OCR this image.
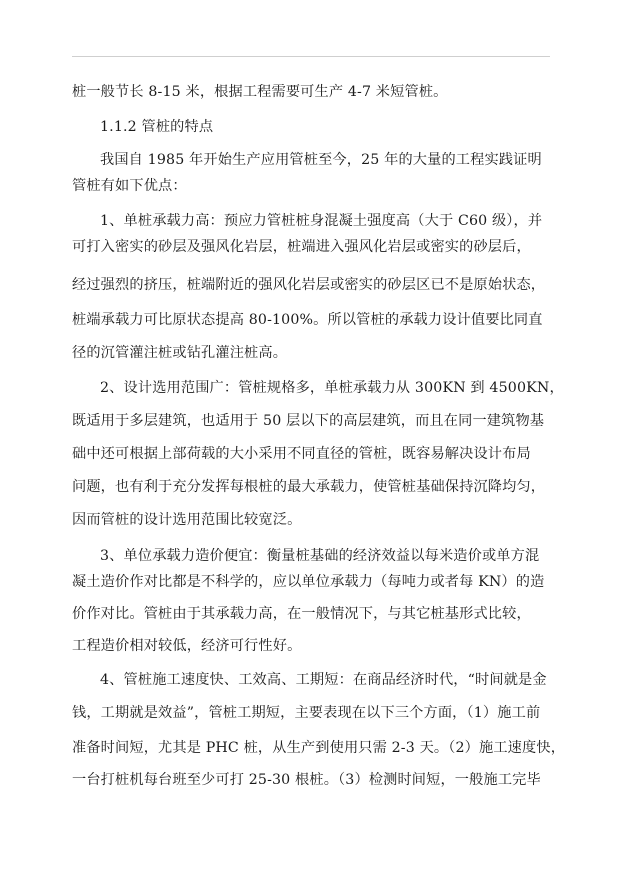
桩一般节长 8-15 米，根据工程需要可生产 4-7 米短管桩。
1.1.2 管桩的特点
我国自 1985 年开始生产应用管桩至今，25 年的大量的工程实践证明
管桩有如下优点：
1、单桩承载力高：预应力管桩桩身混凝土强度高（大于 C60 级），并
可打入密实的砂层及强风化岩层，桩端进入强风化岩层或密实的砂层后，
经过强烈的挤压，桩端附近的强风化岩层或密实的砂层区已不是原始状态，
桩端承载力可比原状态提高 80-100%。所以管桩的承载力设计值要比同直
径的沉管灌注桩或钻孔灌注桩高。
2、设计选用范围广：管桩规格多，单桩承载力从 300KN 到 4500KN，
既适用于多层建筑，也适用于 50 层以下的高层建筑，而且在同一建筑物基
础中还可根据上部荷载的大小采用不同直径的管桩，既容易解决设计布局
问题，也有利于充分发挥每根桩的最大承载力，使管桩基础保持沉降均匀，
因而管桩的设计选用范围比较宽泛。
3、单位承载力造价便宜：衡量桩基础的经济效益以每米造价或单方混
凝土造价作对比都是不科学的，应以单位承载力（每吨力或者每 KN）的造
价作对比。管桩由于其承载力高，在一般情况下，与其它桩基形式比较，
工程造价相对较低，经济可行性好。
4、管桩施工速度快、工效高、工期短：在商品经济时代，“时间就是金
钱，工期就是效益”，管桩工期短，主要表现在以下三个方面，（1）施工前
准备时间短，尤其是 PHC 桩，从生产到使用只需 2-3 天。（2）施工速度快，
一台打桩机每台班至少可打 25-30 根桩。（3）检测时间短，一般施工完毕
